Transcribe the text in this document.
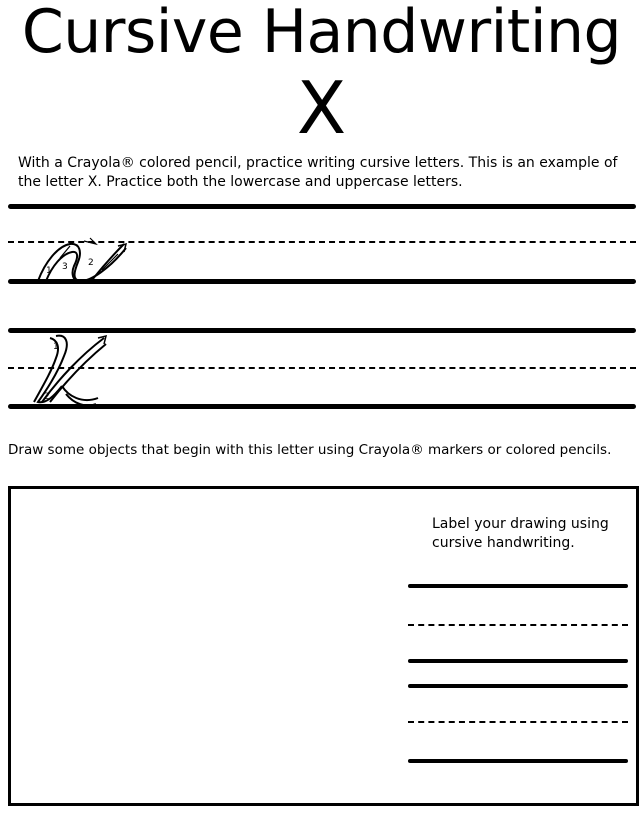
Cursive Handwriting
X
With a Crayola® colored pencil, practice writing cursive letters. This is an example of the letter X. Practice both the lowercase and uppercase letters.
1 3 2
1
2
Draw some objects that begin with this letter using Crayola® markers or colored pencils.
Label your drawing using cursive handwriting.
